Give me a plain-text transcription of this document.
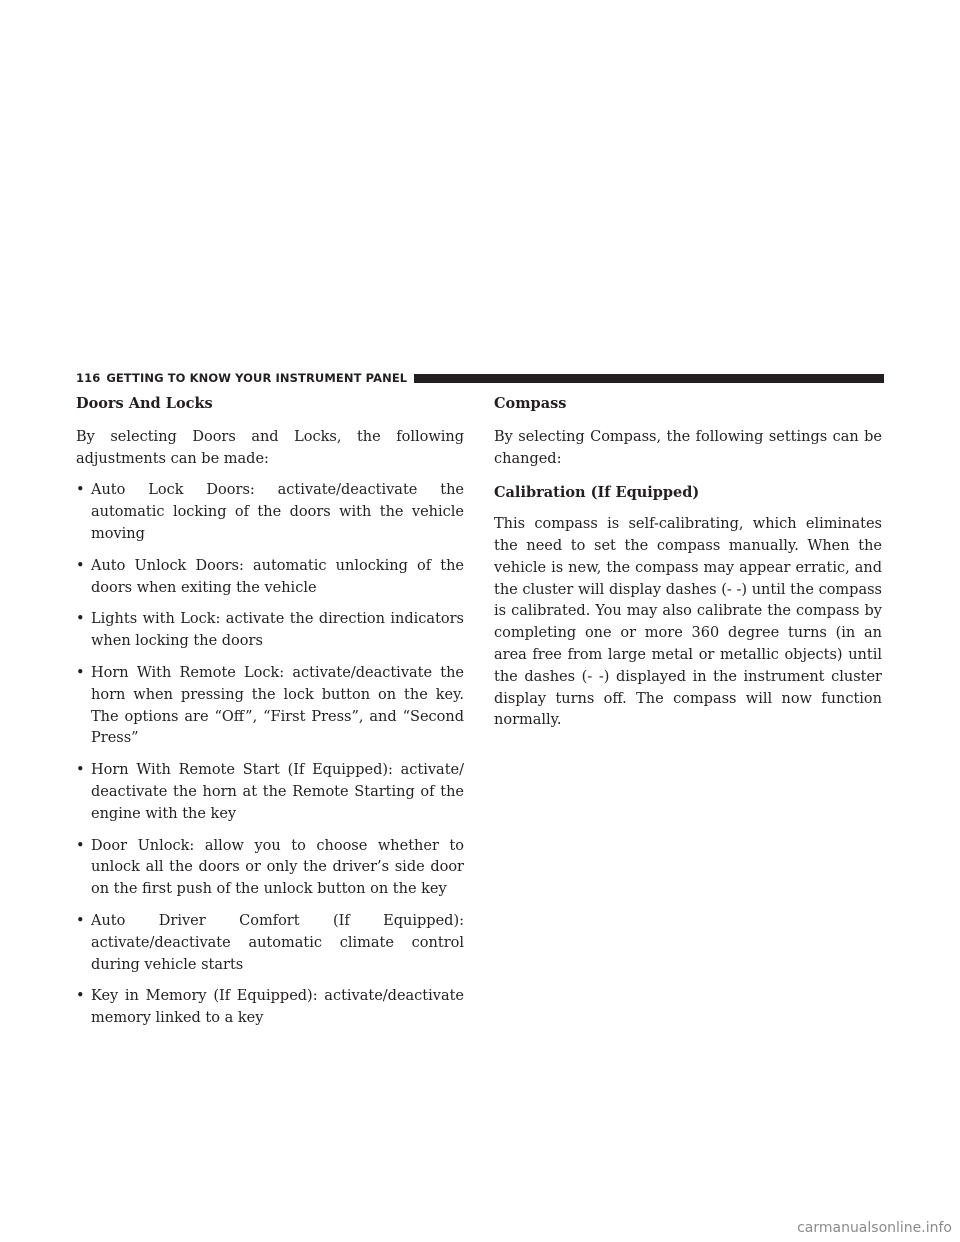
116 GETTING TO KNOW YOUR INSTRUMENT PANEL
Doors And Locks

By selecting Doors and Locks, the following adjustments can be made:

• Auto Lock Doors: activate/deactivate the automatic locking of the doors with the vehicle moving
• Auto Unlock Doors: automatic unlocking of the doors when exiting the vehicle
• Lights with Lock: activate the direction indicators when locking the doors
• Horn With Remote Lock: activate/deactivate the horn when pressing the lock button on the key. The options are “Off”, “First Press”, and “Second Press”
• Horn With Remote Start (If Equipped): activate/ deactivate the horn at the Remote Starting of the engine with the key
• Door Unlock: allow you to choose whether to unlock all the doors or only the driver’s side door on the first push of the unlock button on the key
• Auto Driver Comfort (If Equipped): activate/deactivate automatic climate control during vehicle starts
• Key in Memory (If Equipped): activate/deactivate memory linked to a key
Compass

By selecting Compass, the following settings can be changed:

Calibration (If Equipped)

This compass is self-calibrating, which eliminates the need to set the compass manually. When the vehicle is new, the compass may appear erratic, and the cluster will display dashes (- -) until the compass is calibrated. You may also calibrate the compass by completing one or more 360 degree turns (in an area free from large metal or metallic objects) until the dashes (- -) displayed in the instrument cluster display turns off. The compass will now function normally.

carmanualsonline.info
